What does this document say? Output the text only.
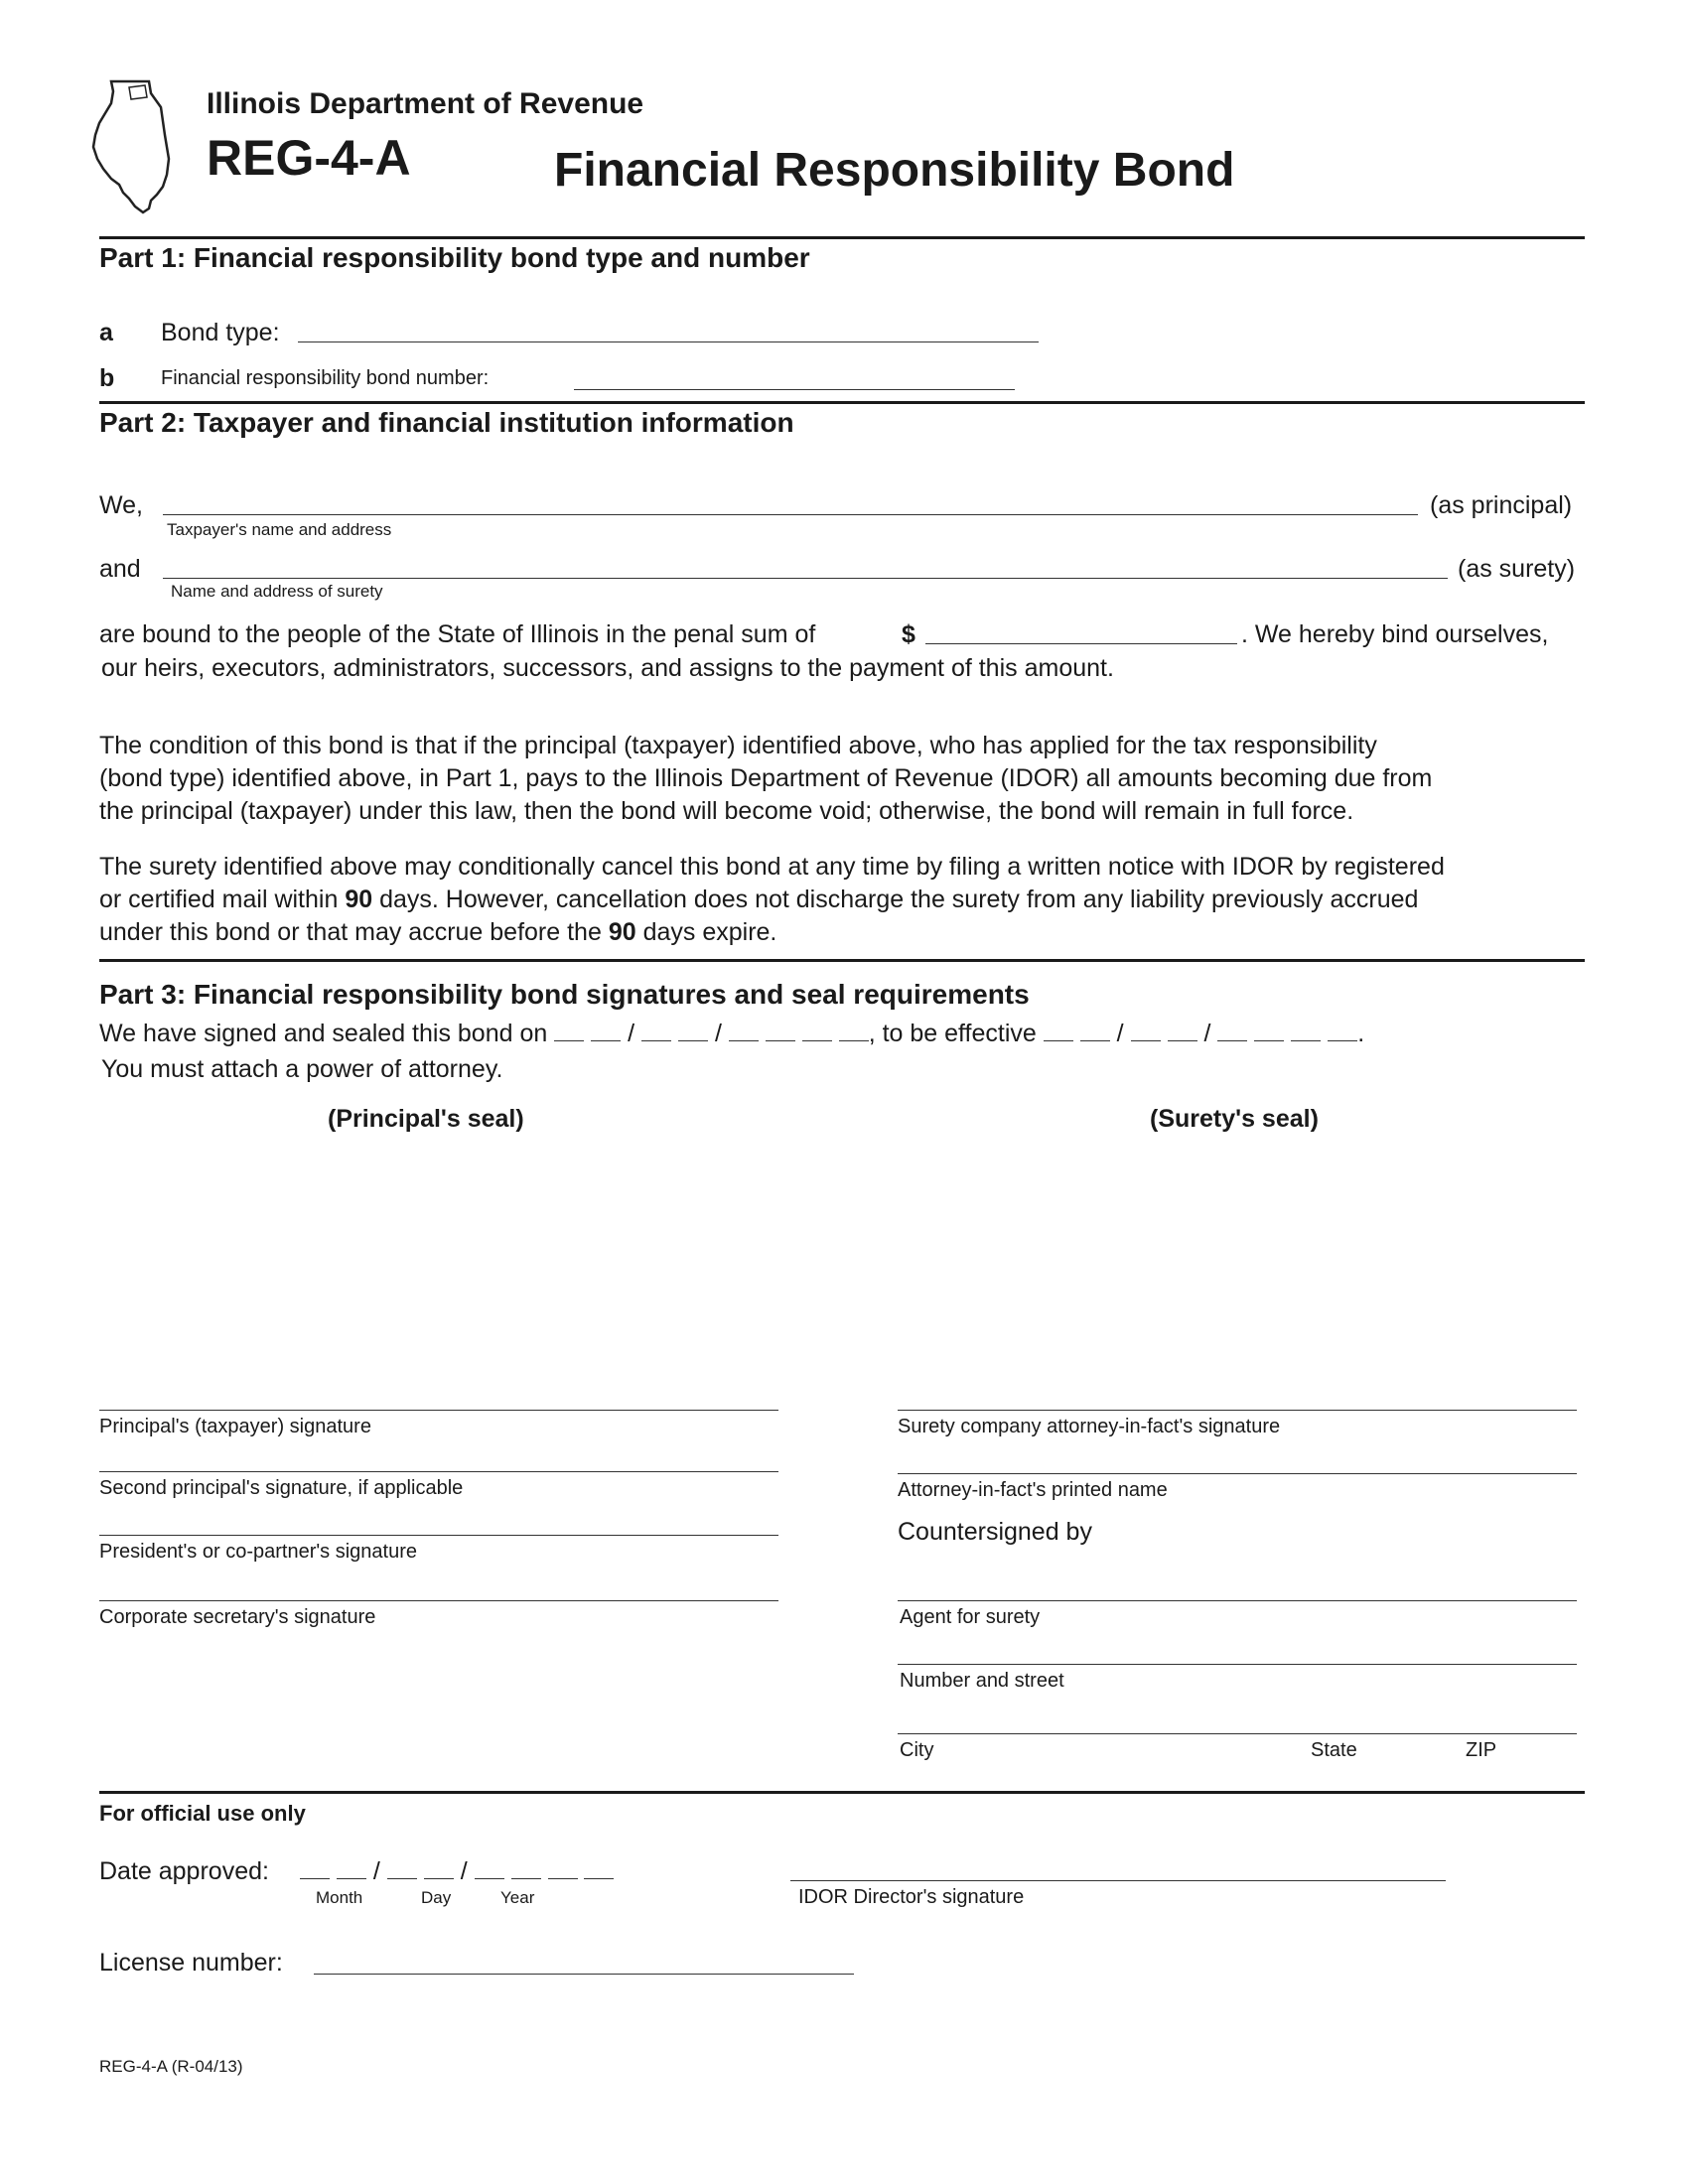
Illinois Department of Revenue
REG-4-A	Financial Responsibility Bond
Part 1: Financial responsibility bond type and number
a Bond type:
b Financial responsibility bond number:
Part 2: Taxpayer and financial institution information
We,	(as principal)
Taxpayer's name and address
and	(as surety)
Name and address of surety
are bound to the people of the State of Illinois in the penal sum of	$	. We hereby bind ourselves,
our heirs, executors, administrators, successors, and assigns to the payment of this amount.
The condition of this bond is that if the principal (taxpayer) identified above, who has applied for the tax responsibility
(bond type) identified above, in Part 1, pays to the Illinois Department of Revenue (IDOR) all amounts becoming due from
the principal (taxpayer) under this law, then the bond will become void; otherwise, the bond will remain in full force.
The surety identified above may conditionally cancel this bond at any time by filing a written notice with IDOR by registered
or certified mail within 90 days. However, cancellation does not discharge the surety from any liability previously accrued
under this bond or that may accrue before the 90 days expire.
Part 3: Financial responsibility bond signatures and seal requirements
We have signed and sealed this bond on	/	/	, to be effective	/	/	.
You must attach a power of attorney.
(Principal's seal)	(Surety's seal)
Principal's (taxpayer) signature
Second principal's signature, if applicable
President's or co-partner's signature
Corporate secretary's signature
Surety company attorney-in-fact's signature
Attorney-in-fact's printed name
Countersigned by
Agent for surety
Number and street
City	State	ZIP
For official use only
Date approved:	/	/
Month	Day	Year	IDOR Director's signature
License number:
REG-4-A (R-04/13)
